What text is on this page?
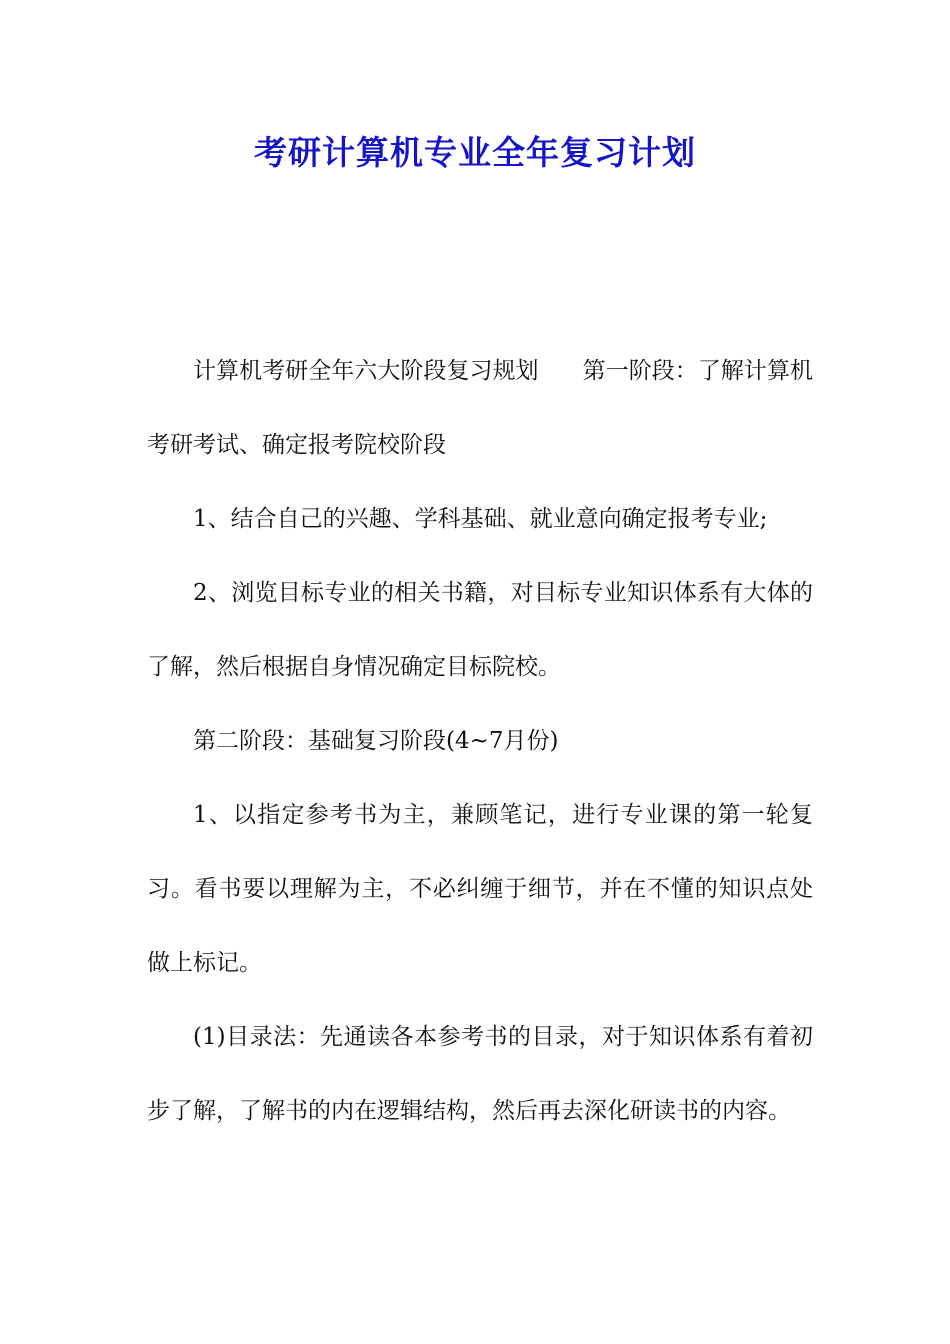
考研计算机专业全年复习计划

计算机考研全年六大阶段复习规划 第一阶段：了解计算机考研考试、确定报考院校阶段

1、结合自己的兴趣、学科基础、就业意向确定报考专业;

2、浏览目标专业的相关书籍，对目标专业知识体系有大体的了解，然后根据自身情况确定目标院校。

第二阶段：基础复习阶段(4~7月份)

1、以指定参考书为主，兼顾笔记，进行专业课的第一轮复习。看书要以理解为主，不必纠缠于细节，并在不懂的知识点处做上标记。

(1)目录法：先通读各本参考书的目录，对于知识体系有着初步了解，了解书的内在逻辑结构，然后再去深化研读书的内容。
